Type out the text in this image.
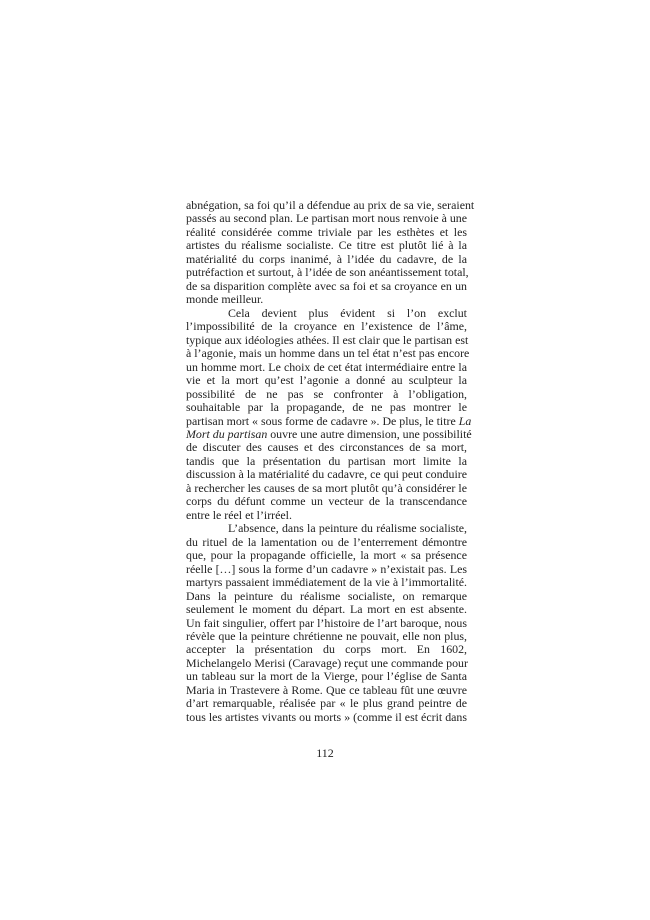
abnégation, sa foi qu’il a défendue au prix de sa vie, seraient
passés au second plan. Le partisan mort nous renvoie à une
réalité considérée comme triviale par les esthètes et les
artistes du réalisme socialiste. Ce titre est plutôt lié à la
matérialité du corps inanimé, à l’idée du cadavre, de la
putréfaction et surtout, à l’idée de son anéantissement total,
de sa disparition complète avec sa foi et sa croyance en un
monde meilleur.
Cela devient plus évident si l’on exclut
l’impossibilité de la croyance en l’existence de l’âme,
typique aux idéologies athées. Il est clair que le partisan est
à l’agonie, mais un homme dans un tel état n’est pas encore
un homme mort. Le choix de cet état intermédiaire entre la
vie et la mort qu’est l’agonie a donné au sculpteur la
possibilité de ne pas se confronter à l’obligation,
souhaitable par la propagande, de ne pas montrer le
partisan mort « sous forme de cadavre ». De plus, le titre La
Mort du partisan ouvre une autre dimension, une possibilité
de discuter des causes et des circonstances de sa mort,
tandis que la présentation du partisan mort limite la
discussion à la matérialité du cadavre, ce qui peut conduire
à rechercher les causes de sa mort plutôt qu’à considérer le
corps du défunt comme un vecteur de la transcendance
entre le réel et l’irréel.
L’absence, dans la peinture du réalisme socialiste,
du rituel de la lamentation ou de l’enterrement démontre
que, pour la propagande officielle, la mort « sa présence
réelle […] sous la forme d’un cadavre » n’existait pas. Les
martyrs passaient immédiatement de la vie à l’immortalité.
Dans la peinture du réalisme socialiste, on remarque
seulement le moment du départ. La mort en est absente.
Un fait singulier, offert par l’histoire de l’art baroque, nous
révèle que la peinture chrétienne ne pouvait, elle non plus,
accepter la présentation du corps mort. En 1602,
Michelangelo Merisi (Caravage) reçut une commande pour
un tableau sur la mort de la Vierge, pour l’église de Santa
Maria in Trastevere à Rome. Que ce tableau fût une œuvre
d’art remarquable, réalisée par « le plus grand peintre de
tous les artistes vivants ou morts » (comme il est écrit dans
112
